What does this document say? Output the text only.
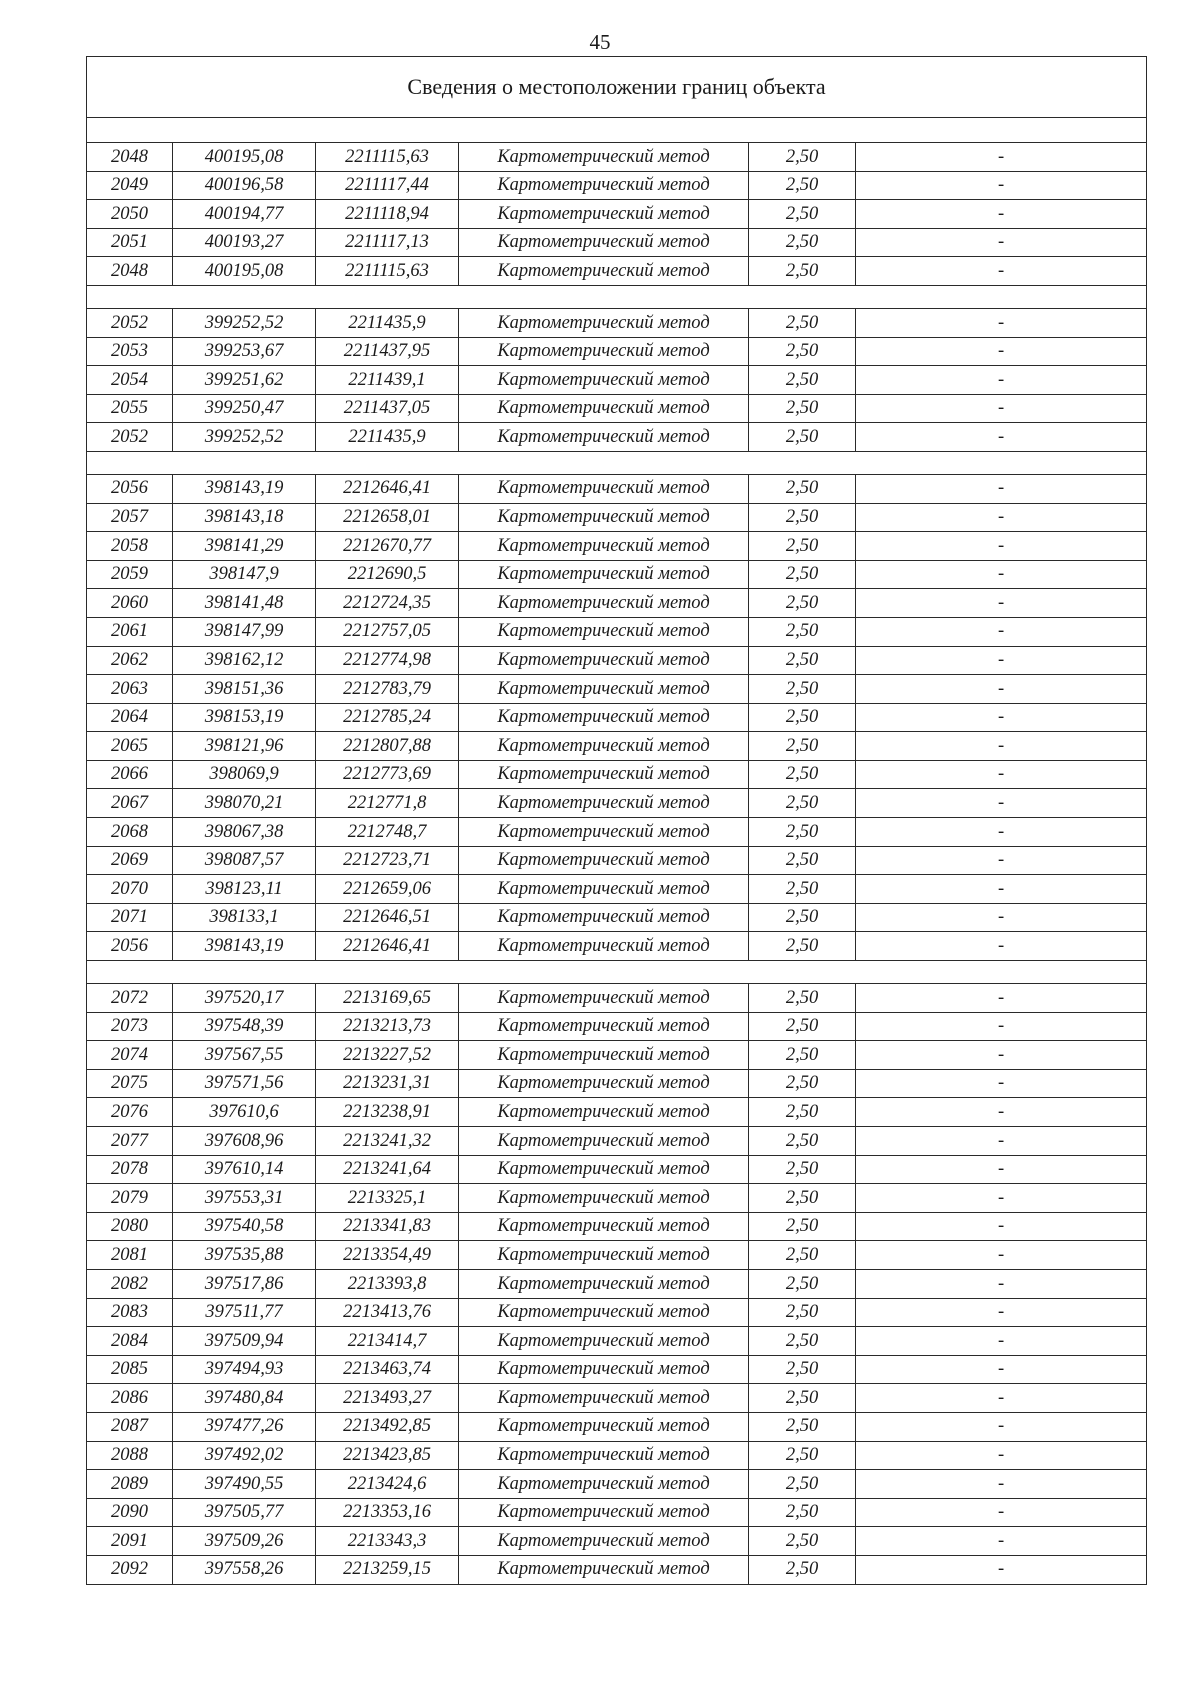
45
Сведения о местоположении границ объекта					

2048	400195,08	2211115,63	Картометрический метод	2,50	-
2049	400196,58	2211117,44	Картометрический метод	2,50	-
2050	400194,77	2211118,94	Картометрический метод	2,50	-
2051	400193,27	2211117,13	Картометрический метод	2,50	-
2048	400195,08	2211115,63	Картометрический метод	2,50	-

2052	399252,52	2211435,9	Картометрический метод	2,50	-
2053	399253,67	2211437,95	Картометрический метод	2,50	-
2054	399251,62	2211439,1	Картометрический метод	2,50	-
2055	399250,47	2211437,05	Картометрический метод	2,50	-
2052	399252,52	2211435,9	Картометрический метод	2,50	-

2056	398143,19	2212646,41	Картометрический метод	2,50	-
2057	398143,18	2212658,01	Картометрический метод	2,50	-
2058	398141,29	2212670,77	Картометрический метод	2,50	-
2059	398147,9	2212690,5	Картометрический метод	2,50	-
2060	398141,48	2212724,35	Картометрический метод	2,50	-
2061	398147,99	2212757,05	Картометрический метод	2,50	-
2062	398162,12	2212774,98	Картометрический метод	2,50	-
2063	398151,36	2212783,79	Картометрический метод	2,50	-
2064	398153,19	2212785,24	Картометрический метод	2,50	-
2065	398121,96	2212807,88	Картометрический метод	2,50	-
2066	398069,9	2212773,69	Картометрический метод	2,50	-
2067	398070,21	2212771,8	Картометрический метод	2,50	-
2068	398067,38	2212748,7	Картометрический метод	2,50	-
2069	398087,57	2212723,71	Картометрический метод	2,50	-
2070	398123,11	2212659,06	Картометрический метод	2,50	-
2071	398133,1	2212646,51	Картометрический метод	2,50	-
2056	398143,19	2212646,41	Картометрический метод	2,50	-

2072	397520,17	2213169,65	Картометрический метод	2,50	-
2073	397548,39	2213213,73	Картометрический метод	2,50	-
2074	397567,55	2213227,52	Картометрический метод	2,50	-
2075	397571,56	2213231,31	Картометрический метод	2,50	-
2076	397610,6	2213238,91	Картометрический метод	2,50	-
2077	397608,96	2213241,32	Картометрический метод	2,50	-
2078	397610,14	2213241,64	Картометрический метод	2,50	-
2079	397553,31	2213325,1	Картометрический метод	2,50	-
2080	397540,58	2213341,83	Картометрический метод	2,50	-
2081	397535,88	2213354,49	Картометрический метод	2,50	-
2082	397517,86	2213393,8	Картометрический метод	2,50	-
2083	397511,77	2213413,76	Картометрический метод	2,50	-
2084	397509,94	2213414,7	Картометрический метод	2,50	-
2085	397494,93	2213463,74	Картометрический метод	2,50	-
2086	397480,84	2213493,27	Картометрический метод	2,50	-
2087	397477,26	2213492,85	Картометрический метод	2,50	-
2088	397492,02	2213423,85	Картометрический метод	2,50	-
2089	397490,55	2213424,6	Картометрический метод	2,50	-
2090	397505,77	2213353,16	Картометрический метод	2,50	-
2091	397509,26	2213343,3	Картометрический метод	2,50	-
2092	397558,26	2213259,15	Картометрический метод	2,50	-
